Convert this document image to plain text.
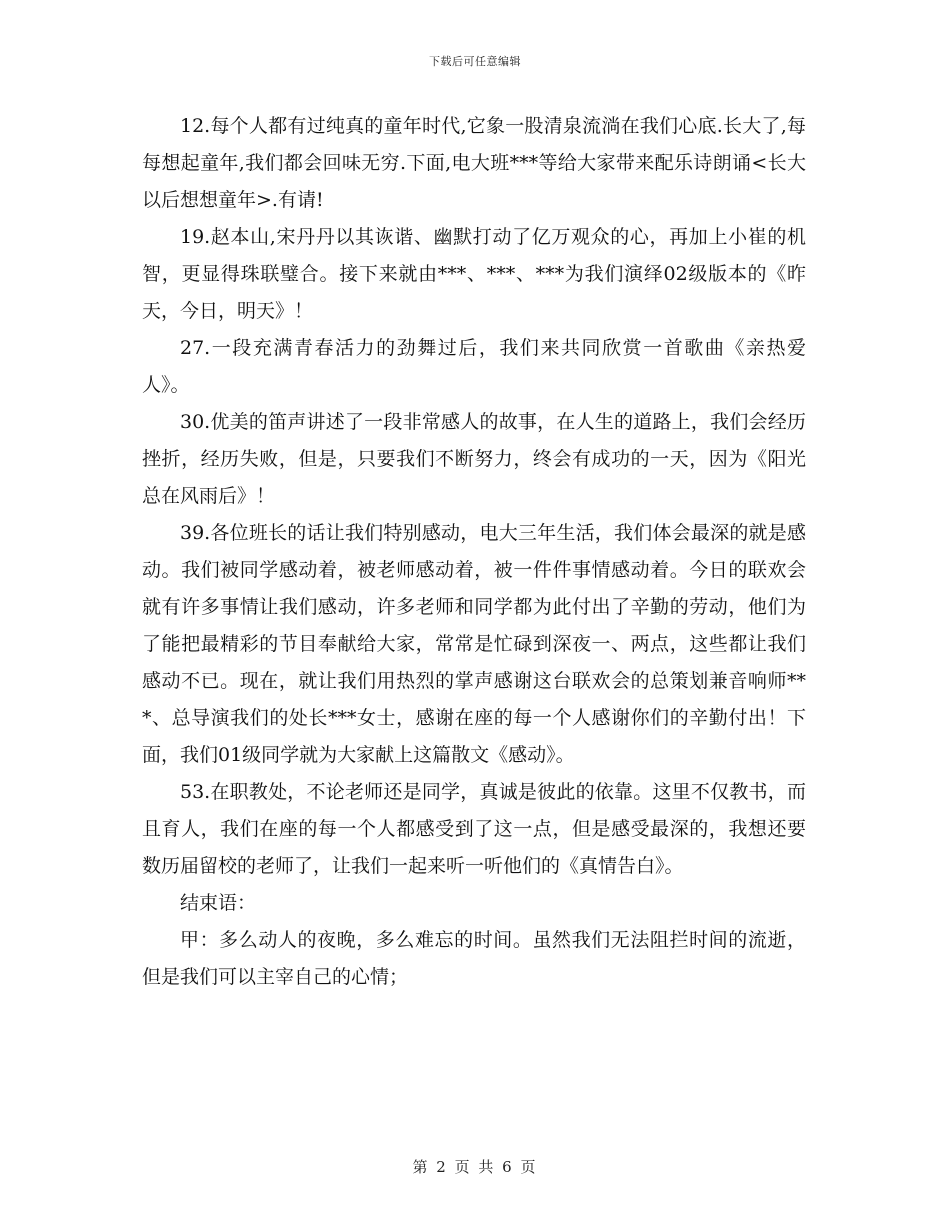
下载后可任意编辑

12.每个人都有过纯真的童年时代,它象一股清泉流淌在我们心底.长大了,每每想起童年,我们都会回味无穷.下面,电大班***等给大家带来配乐诗朗诵<长大以后想想童年>.有请!

19.赵本山,宋丹丹以其诙谐、幽默打动了亿万观众的心，再加上小崔的机智，更显得珠联璧合。接下来就由***、***、***为我们演绎02级版本的《昨天，今日，明天》！

27.一段充满青春活力的劲舞过后，我们来共同欣赏一首歌曲《亲热爱人》。

30.优美的笛声讲述了一段非常感人的故事，在人生的道路上，我们会经历挫折，经历失败，但是，只要我们不断努力，终会有成功的一天，因为《阳光总在风雨后》！

39.各位班长的话让我们特别感动，电大三年生活，我们体会最深的就是感动。我们被同学感动着，被老师感动着，被一件件事情感动着。今日的联欢会就有许多事情让我们感动，许多老师和同学都为此付出了辛勤的劳动，他们为了能把最精彩的节目奉献给大家，常常是忙碌到深夜一、两点，这些都让我们感动不已。现在，就让我们用热烈的掌声感谢这台联欢会的总策划兼音响师***、总导演我们的处长***女士，感谢在座的每一个人感谢你们的辛勤付出！下面，我们01级同学就为大家献上这篇散文《感动》。

53.在职教处，不论老师还是同学，真诚是彼此的依靠。这里不仅教书，而且育人，我们在座的每一个人都感受到了这一点，但是感受最深的，我想还要数历届留校的老师了，让我们一起来听一听他们的《真情告白》。

结束语：

甲：多么动人的夜晚，多么难忘的时间。虽然我们无法阻拦时间的流逝，但是我们可以主宰自己的心情；

第 2 页 共 6 页
